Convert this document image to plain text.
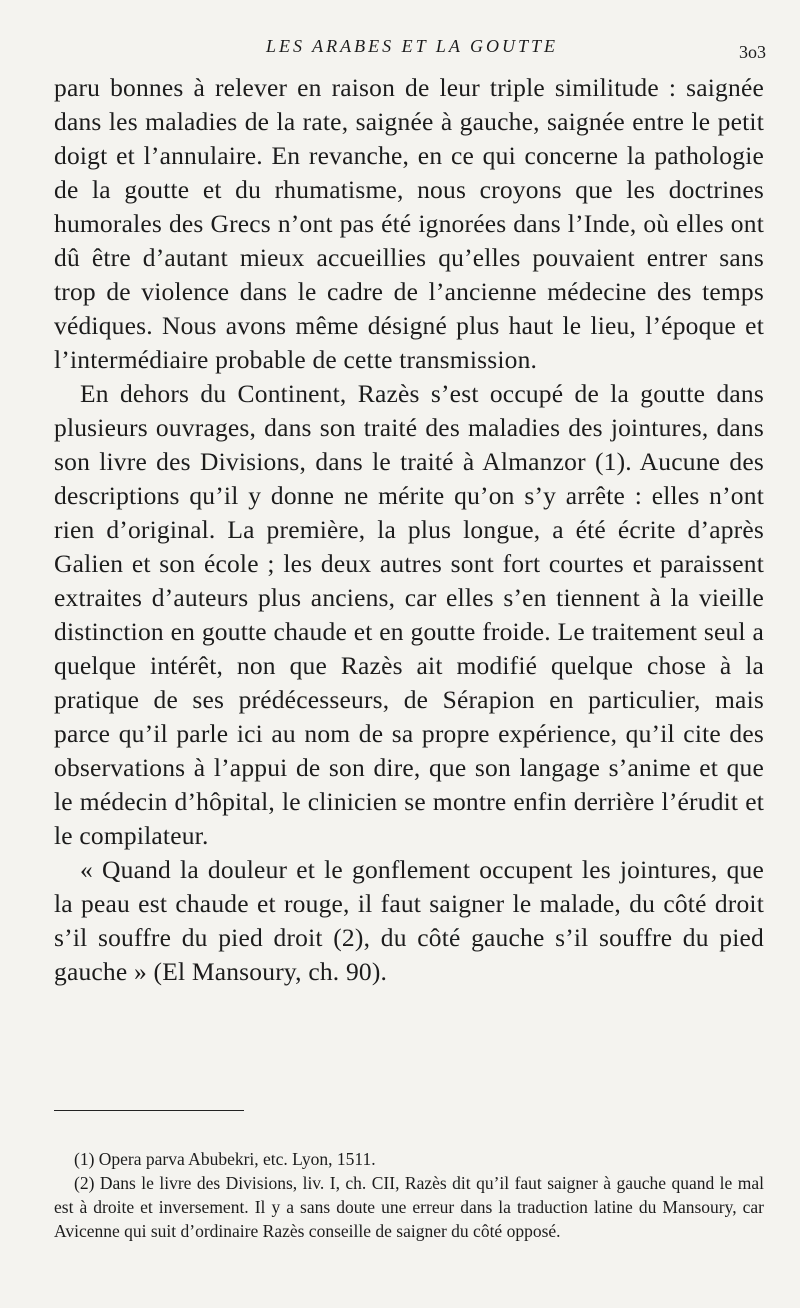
LES ARABES ET LA GOUTTE	3o3

paru bonnes à relever en raison de leur triple similitude : saignée dans les maladies de la rate, saignée à gauche, saignée entre le petit doigt et l’annulaire. En revanche, en ce qui concerne la pathologie de la goutte et du rhumatisme, nous croyons que les doctrines humorales des Grecs n’ont pas été ignorées dans l’Inde, où elles ont dû être d’autant mieux accueillies qu’elles pouvaient entrer sans trop de violence dans le cadre de l’ancienne médecine des temps védiques. Nous avons même désigné plus haut le lieu, l’époque et l’intermédiaire probable de cette transmission.

En dehors du Continent, Razès s’est occupé de la goutte dans plusieurs ouvrages, dans son traité des maladies des jointures, dans son livre des Divisions, dans le traité à Almanzor (1). Aucune des descriptions qu’il y donne ne mérite qu’on s’y arrête : elles n’ont rien d’original. La première, la plus longue, a été écrite d’après Galien et son école ; les deux autres sont fort courtes et paraissent extraites d’auteurs plus anciens, car elles s’en tiennent à la vieille distinction en goutte chaude et en goutte froide. Le traitement seul a quelque intérêt, non que Razès ait modifié quelque chose à la pratique de ses prédécesseurs, de Sérapion en particulier, mais parce qu’il parle ici au nom de sa propre expérience, qu’il cite des observations à l’appui de son dire, que son langage s’anime et que le médecin d’hôpital, le clinicien se montre enfin derrière l’érudit et le compilateur.

« Quand la douleur et le gonflement occupent les jointures, que la peau est chaude et rouge, il faut saigner le malade, du côté droit s’il souffre du pied droit (2), du côté gauche s’il souffre du pied gauche » (El Mansoury, ch. 90).

(1) Opera parva Abubekri, etc. Lyon, 1511.

(2) Dans le livre des Divisions, liv. I, ch. CII, Razès dit qu’il faut saigner à gauche quand le mal est à droite et inversement. Il y a sans doute une erreur dans la traduction latine du Mansoury, car Avicenne qui suit d’ordinaire Razès conseille de saigner du côté opposé.
